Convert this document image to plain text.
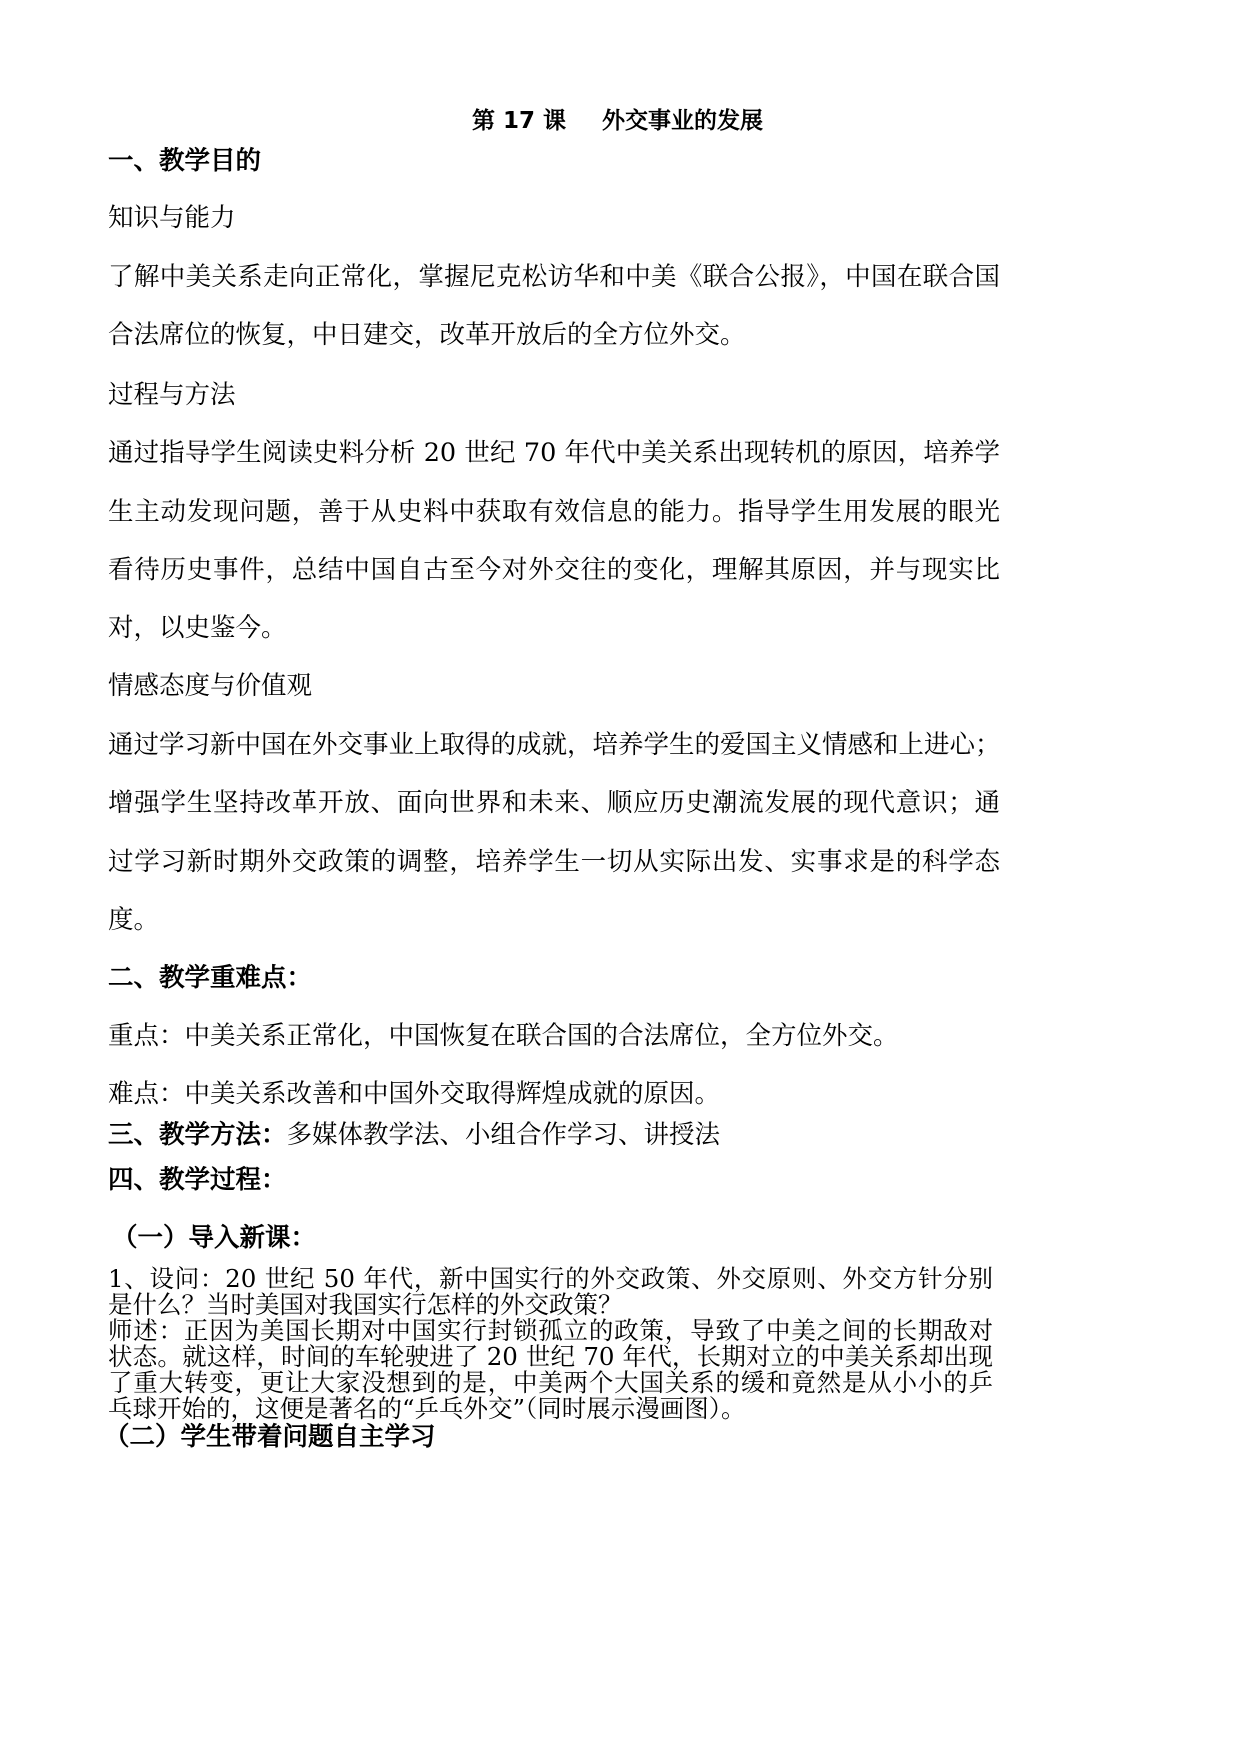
第 17 课 外交事业的发展
一、教学目的
知识与能力
了解中美关系走向正常化，掌握尼克松访华和中美《联合公报》，中国在联合国
合法席位的恢复，中日建交，改革开放后的全方位外交。
过程与方法
通过指导学生阅读史料分析 20 世纪 70 年代中美关系出现转机的原因，培养学
生主动发现问题，善于从史料中获取有效信息的能力。指导学生用发展的眼光
看待历史事件，总结中国自古至今对外交往的变化，理解其原因，并与现实比
对，以史鉴今。
情感态度与价值观
通过学习新中国在外交事业上取得的成就，培养学生的爱国主义情感和上进心；
增强学生坚持改革开放、面向世界和未来、顺应历史潮流发展的现代意识；通
过学习新时期外交政策的调整，培养学生一切从实际出发、实事求是的科学态
度。
二、教学重难点：
重点：中美关系正常化，中国恢复在联合国的合法席位，全方位外交。
难点：中美关系改善和中国外交取得辉煌成就的原因。
三、教学方法：多媒体教学法、小组合作学习、讲授法
四、教学过程：
（一）导入新课：
1、设问：20 世纪 50 年代，新中国实行的外交政策、外交原则、外交方针分别
是什么？当时美国对我国实行怎样的外交政策？
师述：正因为美国长期对中国实行封锁孤立的政策，导致了中美之间的长期敌对
状态。就这样，时间的车轮驶进了 20 世纪 70 年代，长期对立的中美关系却出现
了重大转变，更让大家没想到的是，中美两个大国关系的缓和竟然是从小小的乒
乓球开始的，这便是著名的“乒乓外交”（同时展示漫画图）。
（二）学生带着问题自主学习
